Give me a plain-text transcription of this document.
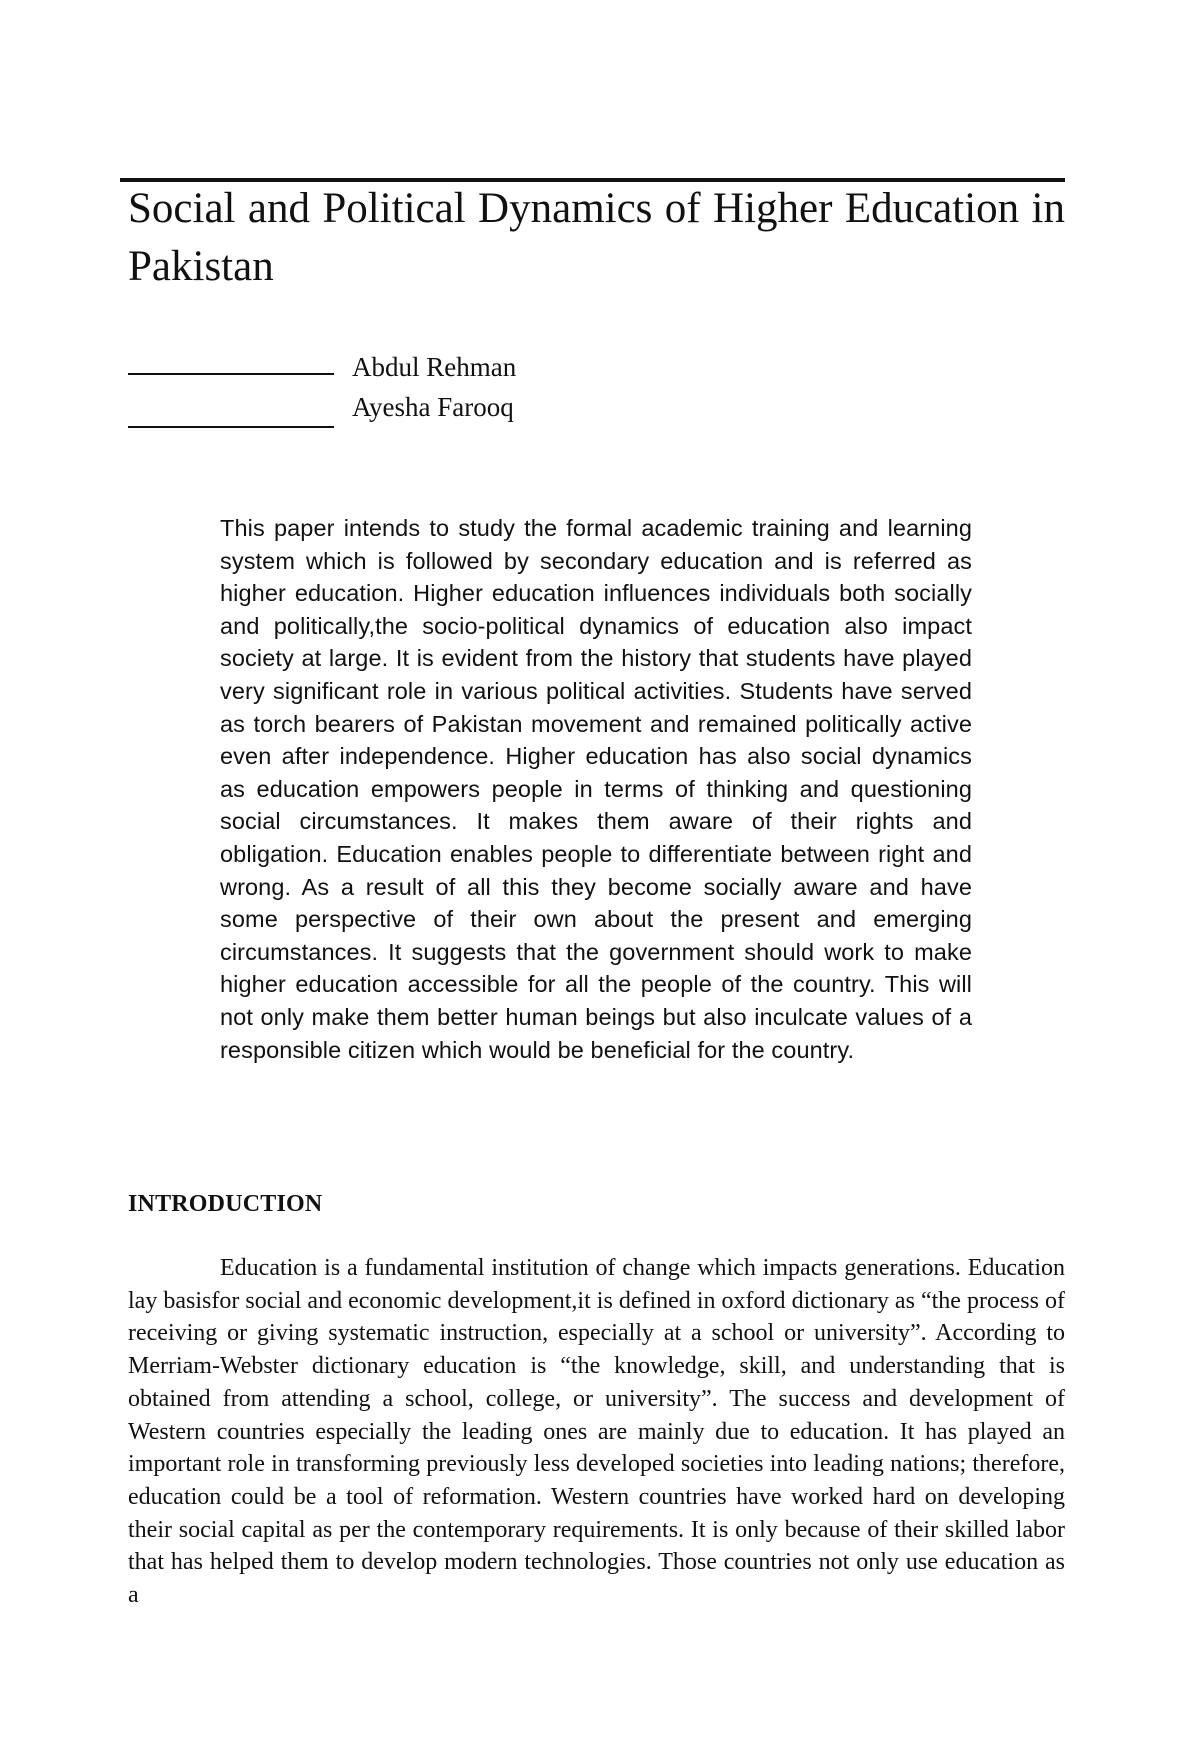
Social and Political Dynamics of Higher Education in Pakistan
Abdul Rehman
Ayesha Farooq

This paper intends to study the formal academic training and learning system which is followed by secondary education and is referred as higher education. Higher education influences individuals both socially and politically,the socio-political dynamics of education also impact society at large. It is evident from the history that students have played very significant role in various political activities. Students have served as torch bearers of Pakistan movement and remained politically active even after independence. Higher education has also social dynamics as education empowers people in terms of thinking and questioning social circumstances. It makes them aware of their rights and obligation. Education enables people to differentiate between right and wrong. As a result of all this they become socially aware and have some perspective of their own about the present and emerging circumstances. It suggests that the government should work to make higher education accessible for all the people of the country. This will not only make them better human beings but also inculcate values of a responsible citizen which would be beneficial for the country.

INTRODUCTION

Education is a fundamental institution of change which impacts generations. Education lay basisfor social and economic development,it is defined in oxford dictionary as “the process of receiving or giving systematic instruction, especially at a school or university”. According to Merriam-Webster dictionary education is “the knowledge, skill, and understanding that is obtained from attending a school, college, or university”. The success and development of Western countries especially the leading ones are mainly due to education. It has played an important role in transforming previously less developed societies into leading nations; therefore, education could be a tool of reformation. Western countries have worked hard on developing their social capital as per the contemporary requirements. It is only because of their skilled labor that has helped them to develop modern technologies. Those countries not only use education as a
